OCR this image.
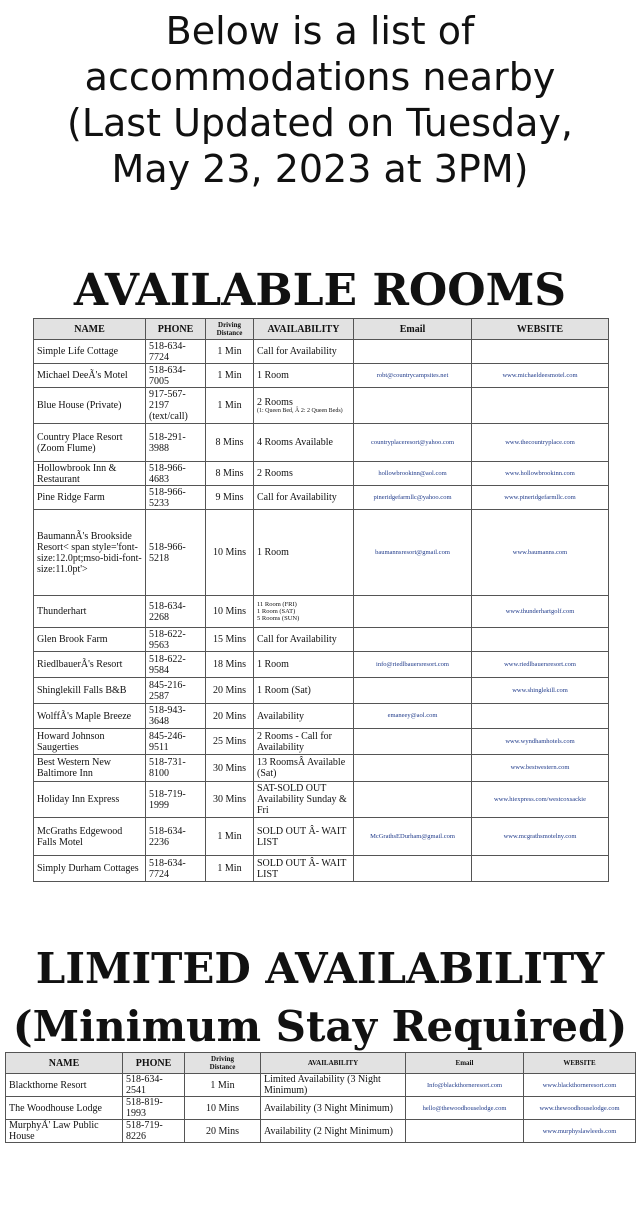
Below is a list of
accommodations nearby
(Last Updated on Tuesday,
May 23, 2023 at 3PM)
AVAILABLE ROOMS
NAME	PHONE	Driving
Distance	AVAILABILITY	Email	WEBSITE
Simple Life Cottage	518-634-7724	1 Min	Call for Availability		
Michael DeeÃ's Motel	518-634-7005	1 Min	1 Room	robt@countrycampsites.net	www.michaeldeesmotel.com
Blue House (Private)	917-567-2197 (text/call)	1 Min	2 Rooms
(1: Queen Bed, Â 2: 2 Queen Beds)		

Country Place Resort (Zoom Flume)	518-291-3988	8 Mins	4 Rooms Available	countryplaceresort@yahoo.com	www.thecountryplace.com
Hollowbrook Inn & Restaurant	518-966-4683	8 Mins	2 Rooms	hollowbrookinn@aol.com	www.hollowbrookinn.com
Pine Ridge Farm	518-966-5233	9 Mins	Call for Availability	pineridgefarmllc@yahoo.com	www.pineridgefarmllc.com
BaumannÃ's Brookside Resort< span style='font-size:12.0pt;mso-bidi-font-size:11.0pt'>	518-966-5218	10 Mins	1 Room	baumannsresort@gmail.com	www.baumanns.com
Thunderhart	518-634-2268	10 Mins	11 Room (FRI)
1 Room (SAT)
5 Rooms (SUN)		www.thunderhartgolf.com
Glen Brook Farm	518-622-9563	15 Mins	Call for Availability		
RiedlbauerÃ's Resort	518-622-9584	18 Mins	1 Room	info@riedlbauersresort.com	www.riedlbauersresort.com
Shinglekill Falls B&B	845-216-2587	20 Mins	1 Room (Sat)		www.shinglekill.com
WolffÃ's Maple Breeze	518-943-3648	20 Mins	Availability	emaneey@aol.com	
Howard Johnson Saugerties	845-246-9511	25 Mins	2 Rooms - Call for Availability		www.wyndhamhotels.com
Best Western New Baltimore Inn	518-731-8100	30 Mins	13 RoomsÂ Available (Sat)		www.bestwestern.com
Holiday Inn Express	518-719-1999	30 Mins	SAT-SOLD OUT Availability Sunday & Fri		www.hiexpress.com/westcoxsackie
McGraths Edgewood Falls Motel	518-634-2236	1 Min	SOLD OUT Â- WAIT LIST	McGrathsEDurham@gmail.com	www.mcgrathsmotelny.com
Simply Durham Cottages	518-634-7724	1 Min	SOLD OUT Â- WAIT LIST		
LIMITED AVAILABILITY
(Minimum Stay Required)
NAME	PHONE	Driving
Distance	AVAILABILITY	Email	WEBSITE
Blackthorne Resort	518-634-2541	1 Min	Limited Availability (3 Night Minimum)	Info@blackthorneresort.com	www.blackthorneresort.com
The Woodhouse Lodge	518-819-1993	10 Mins	Availability (3 Night Minimum)	hello@thewoodhouselodge.com	www.thewoodhouselodge.com
MurphyÃ' Law Public House	518-719-8226	20 Mins	Availability (2 Night Minimum)		www.murphyslawleeds.com
